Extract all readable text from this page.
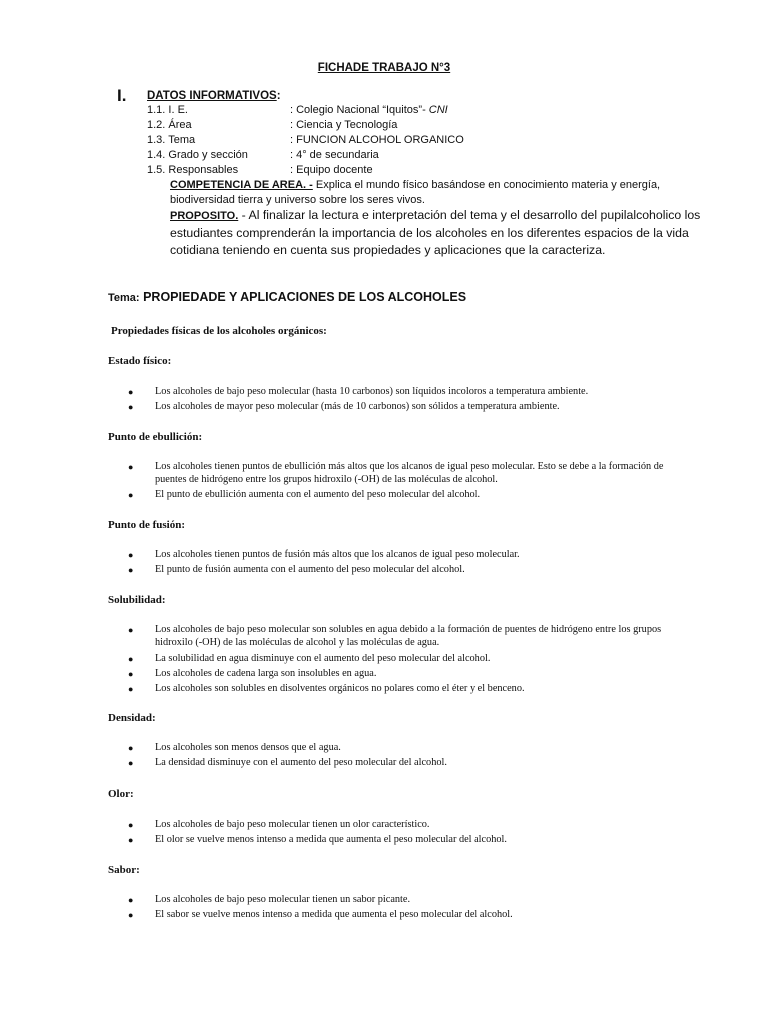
FICHADE TRABAJO N°3
I. DATOS INFORMATIVOS:
1.1. I. E.	: Colegio Nacional “Iquitos”- CNI
1.2. Área	: Ciencia y Tecnología
1.3. Tema	: FUNCION ALCOHOL ORGANICO
1.4. Grado y sección	: 4° de secundaria
1.5. Responsables	: Equipo docente
COMPETENCIA DE AREA. - Explica el mundo físico basándose en conocimiento materia y energía, biodiversidad tierra y universo sobre los seres vivos.
PROPOSITO. - Al finalizar la lectura e interpretación del tema y el desarrollo del pupilalcoholico los estudiantes comprenderán la importancia de los alcoholes en los diferentes espacios de la vida cotidiana teniendo en cuenta sus propiedades y aplicaciones que la caracteriza.
Tema: PROPIEDADE Y APLICACIONES DE LOS ALCOHOLES
Propiedades físicas de los alcoholes orgánicos:
Estado físico:
● Los alcoholes de bajo peso molecular (hasta 10 carbonos) son líquidos incoloros a temperatura ambiente.
● Los alcoholes de mayor peso molecular (más de 10 carbonos) son sólidos a temperatura ambiente.
Punto de ebullición:
● Los alcoholes tienen puntos de ebullición más altos que los alcanos de igual peso molecular. Esto se debe a la formación de puentes de hidrógeno entre los grupos hidroxilo (-OH) de las moléculas de alcohol.
● El punto de ebullición aumenta con el aumento del peso molecular del alcohol.
Punto de fusión:
● Los alcoholes tienen puntos de fusión más altos que los alcanos de igual peso molecular.
● El punto de fusión aumenta con el aumento del peso molecular del alcohol.
Solubilidad:
● Los alcoholes de bajo peso molecular son solubles en agua debido a la formación de puentes de hidrógeno entre los grupos hidroxilo (-OH) de las moléculas de alcohol y las moléculas de agua.
● La solubilidad en agua disminuye con el aumento del peso molecular del alcohol.
● Los alcoholes de cadena larga son insolubles en agua.
● Los alcoholes son solubles en disolventes orgánicos no polares como el éter y el benceno.
Densidad:
● Los alcoholes son menos densos que el agua.
● La densidad disminuye con el aumento del peso molecular del alcohol.
Olor:
● Los alcoholes de bajo peso molecular tienen un olor característico.
● El olor se vuelve menos intenso a medida que aumenta el peso molecular del alcohol.
Sabor:
● Los alcoholes de bajo peso molecular tienen un sabor picante.
● El sabor se vuelve menos intenso a medida que aumenta el peso molecular del alcohol.
